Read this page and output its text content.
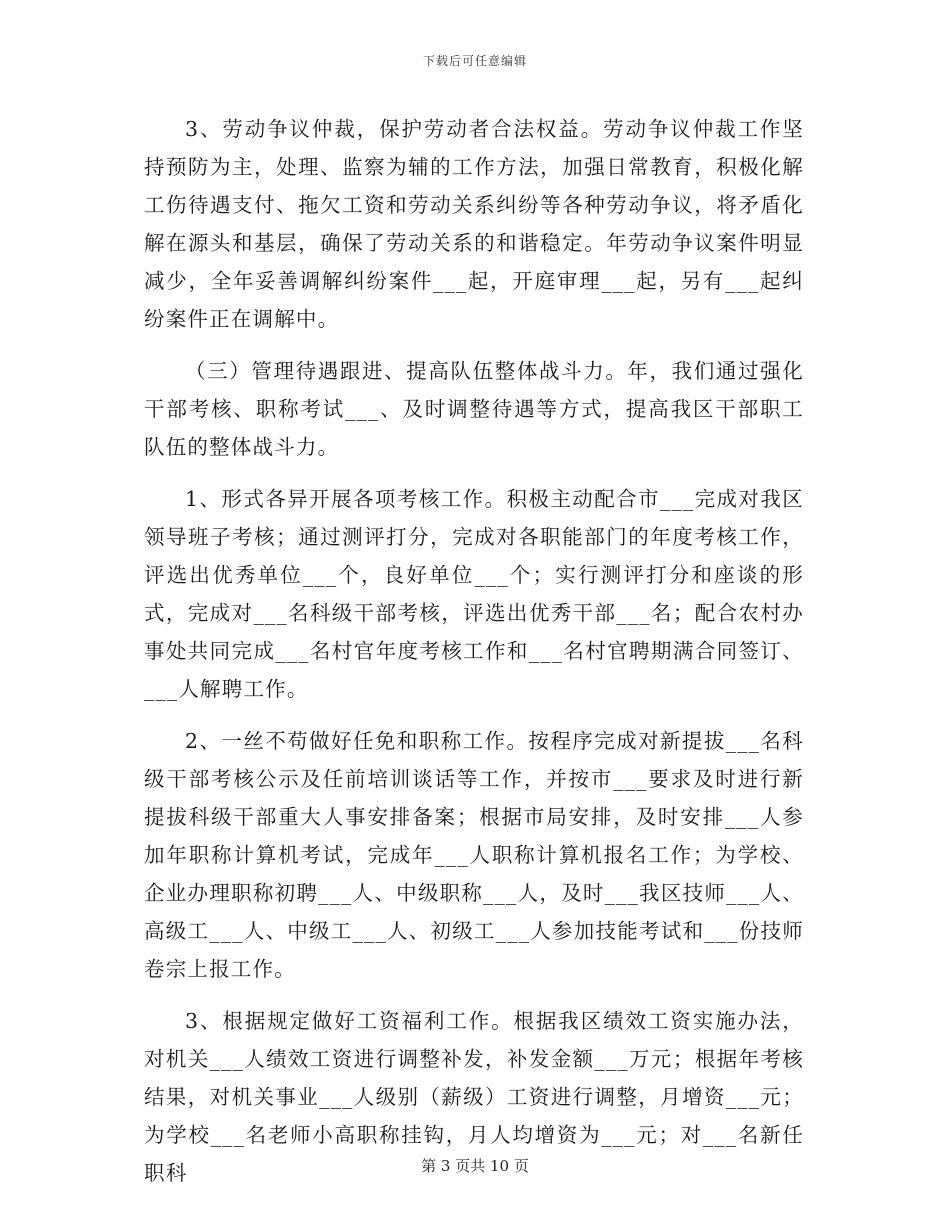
下载后可任意编辑

3、劳动争议仲裁，保护劳动者合法权益。劳动争议仲裁工作坚持预防为主，处理、监察为辅的工作方法，加强日常教育，积极化解工伤待遇支付、拖欠工资和劳动关系纠纷等各种劳动争议，将矛盾化解在源头和基层，确保了劳动关系的和谐稳定。年劳动争议案件明显减少，全年妥善调解纠纷案件___起，开庭审理___起，另有___起纠纷案件正在调解中。

（三）管理待遇跟进、提高队伍整体战斗力。年，我们通过强化干部考核、职称考试___、及时调整待遇等方式，提高我区干部职工队伍的整体战斗力。

1、形式各异开展各项考核工作。积极主动配合市___完成对我区领导班子考核；通过测评打分，完成对各职能部门的年度考核工作，评选出优秀单位___个，良好单位___个；实行测评打分和座谈的形式，完成对___名科级干部考核，评选出优秀干部___名；配合农村办事处共同完成___名村官年度考核工作和___名村官聘期满合同签订、___人解聘工作。

2、一丝不苟做好任免和职称工作。按程序完成对新提拔___名科级干部考核公示及任前培训谈话等工作，并按市___要求及时进行新提拔科级干部重大人事安排备案；根据市局安排，及时安排___人参加年职称计算机考试，完成年___人职称计算机报名工作；为学校、企业办理职称初聘___人、中级职称___人，及时___我区技师___人、高级工___人、中级工___人、初级工___人参加技能考试和___份技师卷宗上报工作。

3、根据规定做好工资福利工作。根据我区绩效工资实施办法，对机关___人绩效工资进行调整补发，补发金额___万元；根据年考核结果，对机关事业___人级别（薪级）工资进行调整，月增资___元；为学校___名老师小高职称挂钩，月人均增资为___元；对___名新任职科	第 3 页共 10 页
